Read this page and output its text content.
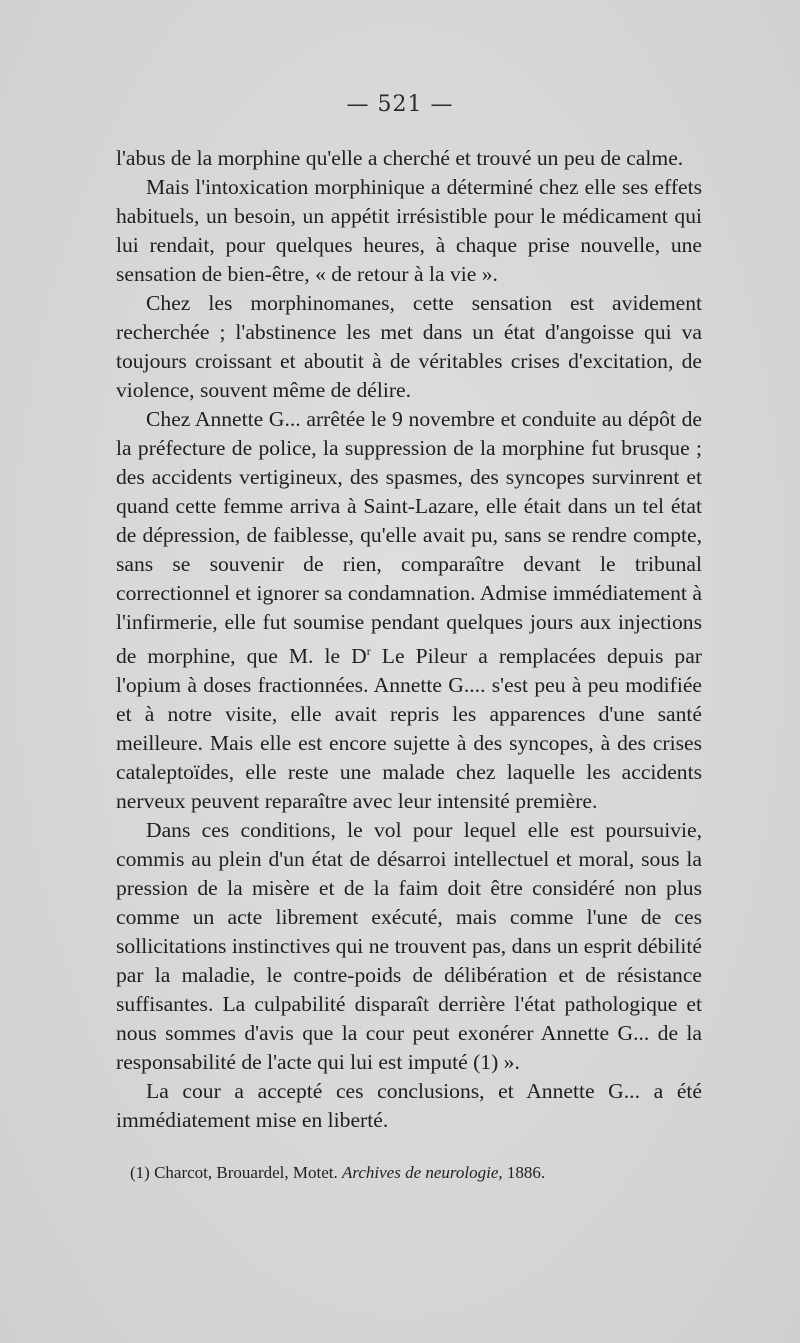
— 521 —

l'abus de la morphine qu'elle a cherché et trouvé un peu de calme.

Mais l'intoxication morphinique a déterminé chez elle ses effets habituels, un besoin, un appétit irrésistible pour le médicament qui lui rendait, pour quelques heures, à chaque prise nouvelle, une sensation de bien-être, « de retour à la vie ».

Chez les morphinomanes, cette sensation est avidement recherchée ; l'abstinence les met dans un état d'angoisse qui va toujours croissant et aboutit à de véritables crises d'excitation, de violence, souvent même de délire.

Chez Annette G... arrêtée le 9 novembre et conduite au dépôt de la préfecture de police, la suppression de la morphine fut brusque ; des accidents vertigineux, des spasmes, des syncopes survinrent et quand cette femme arriva à Saint-Lazare, elle était dans un tel état de dépression, de faiblesse, qu'elle avait pu, sans se rendre compte, sans se souvenir de rien, comparaître devant le tribunal correctionnel et ignorer sa condamnation. Admise immédiatement à l'infirmerie, elle fut soumise pendant quelques jours aux injections de morphine, que M. le $D^r$ Le Pileur a remplacées depuis par l'opium à doses fractionnées. Annette G.... s'est peu à peu modifiée et à notre visite, elle avait repris les apparences d'une santé meilleure. Mais elle est encore sujette à des syncopes, à des crises cataleptoïdes, elle reste une malade chez laquelle les accidents nerveux peuvent reparaître avec leur intensité première.

Dans ces conditions, le vol pour lequel elle est poursuivie, commis au plein d'un état de désarroi intellectuel et moral, sous la pression de la misère et de la faim doit être considéré non plus comme un acte librement exécuté, mais comme l'une de ces sollicitations instinctives qui ne trouvent pas, dans un esprit débilité par la maladie, le contre-poids de délibération et de résistance suffisantes. La culpabilité disparaît derrière l'état pathologique et nous sommes d'avis que la cour peut exonérer Annette G... de la responsabilité de l'acte qui lui est imputé (1) ».

La cour a accepté ces conclusions, et Annette G... a été immédiatement mise en liberté.

(1) Charcot, Brouardel, Motet. Archives de neurologie, 1886.
